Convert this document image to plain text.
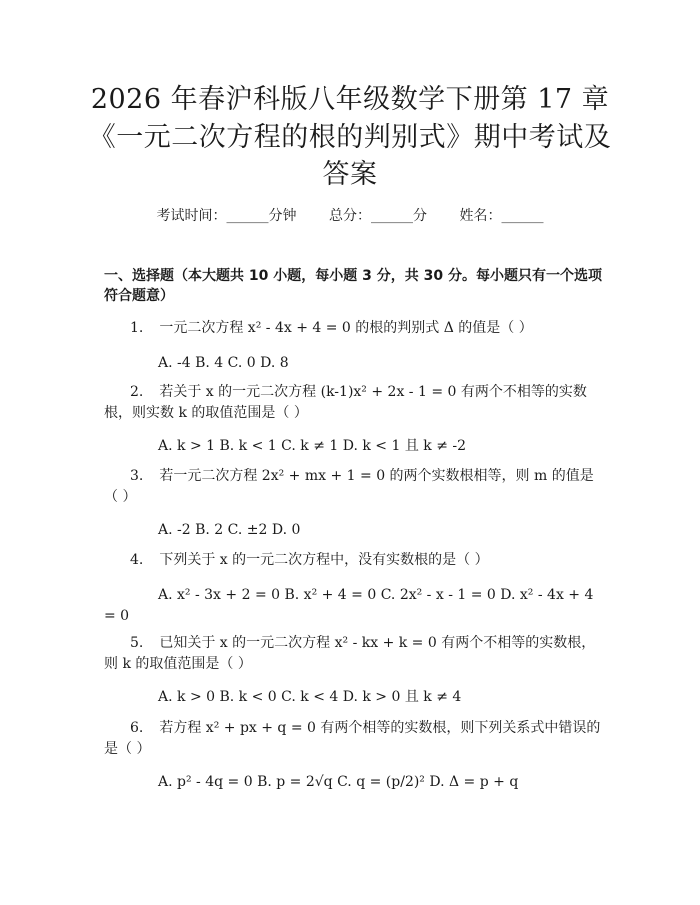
2026 年春沪科版八年级数学下册第 17 章
《一元二次方程的根的判别式》期中考试及
答案
考试时间：______分钟 总分：______分 姓名：______
一、选择题（本大题共 10 小题，每小题 3 分，共 30 分。每小题只有一个选项符合题意）

1. 一元二次方程 x² - 4x + 4 = 0 的根的判别式 Δ 的值是（ ）

A. -4 B. 4 C. 0 D. 8

2. 若关于 x 的一元二次方程 (k-1)x² + 2x - 1 = 0 有两个不相等的实数根，则实数 k 的取值范围是（ ）

A. k > 1 B. k < 1 C. k ≠ 1 D. k < 1 且 k ≠ -2

3. 若一元二次方程 2x² + mx + 1 = 0 的两个实数根相等，则 m 的值是（ ）

A. -2 B. 2 C. ±2 D. 0

4. 下列关于 x 的一元二次方程中，没有实数根的是（ ）

A. x² - 3x + 2 = 0 B. x² + 4 = 0 C. 2x² - x - 1 = 0 D. x² - 4x + 4 = 0

5. 已知关于 x 的一元二次方程 x² - kx + k = 0 有两个不相等的实数根，则 k 的取值范围是（ ）

A. k > 0 B. k < 0 C. k < 4 D. k > 0 且 k ≠ 4

6. 若方程 x² + px + q = 0 有两个相等的实数根，则下列关系式中错误的是（ ）

A. p² - 4q = 0 B. p = 2√q C. q = (p/2)² D. Δ = p + q
